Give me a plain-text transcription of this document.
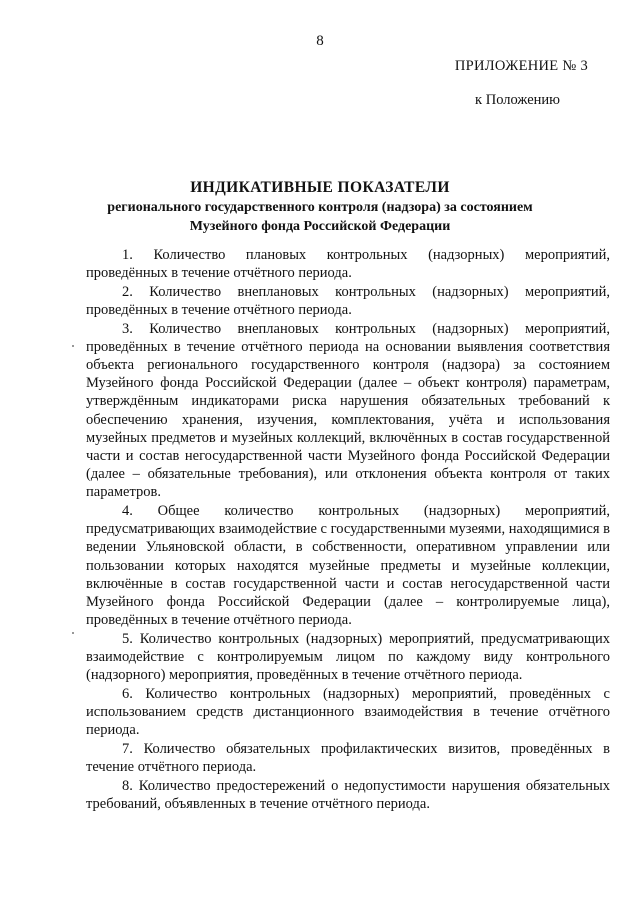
8
ПРИЛОЖЕНИЕ № 3
к Положению
ИНДИКАТИВНЫЕ ПОКАЗАТЕЛИ
регионального государственного контроля (надзора) за состоянием
Музейного фонда Российской Федерации

1. Количество плановых контрольных (надзорных) мероприятий, проведённых в течение отчётного периода.

2. Количество внеплановых контрольных (надзорных) мероприятий, проведённых в течение отчётного периода.

3. Количество внеплановых контрольных (надзорных) мероприятий, проведённых в течение отчётного периода на основании выявления соответствия объекта регионального государственного контроля (надзора) за состоянием Музейного фонда Российской Федерации (далее – объект контроля) параметрам, утверждённым индикаторами риска нарушения обязательных требований к обеспечению хранения, изучения, комплектования, учёта и использования музейных предметов и музейных коллекций, включённых в состав государственной части и состав негосударственной части Музейного фонда Российской Федерации (далее – обязательные требования), или отклонения объекта контроля от таких параметров.

4. Общее количество контрольных (надзорных) мероприятий, предусматривающих взаимодействие с государственными музеями, находящимися в ведении Ульяновской области, в собственности, оперативном управлении или пользовании которых находятся музейные предметы и музейные коллекции, включённые в состав государственной части и состав негосударственной части Музейного фонда Российской Федерации (далее – контролируемые лица), проведённых в течение отчётного периода.

5. Количество контрольных (надзорных) мероприятий, предусматривающих взаимодействие с контролируемым лицом по каждому виду контрольного (надзорного) мероприятия, проведённых в течение отчётного периода.

6. Количество контрольных (надзорных) мероприятий, проведённых с использованием средств дистанционного взаимодействия в течение отчётного периода.

7. Количество обязательных профилактических визитов, проведённых в течение отчётного периода.

8. Количество предостережений о недопустимости нарушения обязательных требований, объявленных в течение отчётного периода.
